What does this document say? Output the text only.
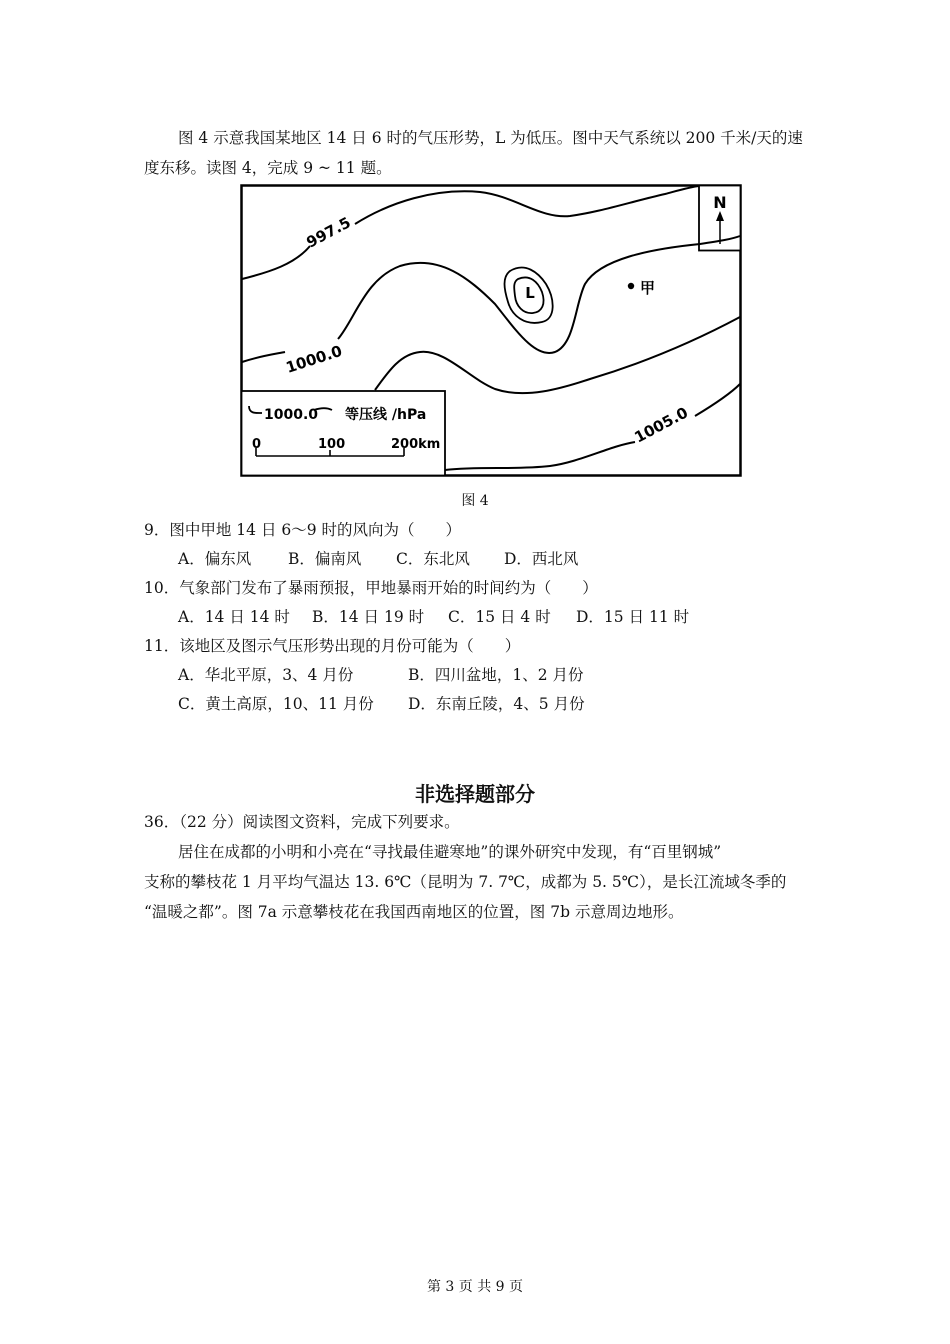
图 4 示意我国某地区 14 日 6 时的气压形势，L 为低压。图中天气系统以 200 千米/天的速
度东移。读图 4，完成 9 ~ 11 题。
N
997.5
1000.0
1005.0
L	甲
1000.0 等压线 /hPa
0	100	200km
图 4
9．图中甲地 14 日 6～9 时的风向为（　　）
A．偏东风 B．偏南风 C．东北风 D．西北风
10．气象部门发布了暴雨预报，甲地暴雨开始的时间约为（　　）
A．14 日 14 时 B．14 日 19 时 C．15 日 4 时 D．15 日 11 时
11．该地区及图示气压形势出现的月份可能为（　　）
A．华北平原，3、4 月份	B．四川盆地，1、2 月份
C．黄土高原，10、11 月份 D．东南丘陵，4、5 月份
非选择题部分
36．（22 分）阅读图文资料，完成下列要求。
居住在成都的小明和小亮在“寻找最佳避寒地”的课外研究中发现，有“百里钢城”
支称的攀枝花 1 月平均气温达 13. 6℃（昆明为 7. 7℃，成都为 5. 5℃），是长江流域冬季的
“温暖之都”。图 7a 示意攀枝花在我国西南地区的位置，图 7b 示意周边地形。
第 3 页 共 9 页
